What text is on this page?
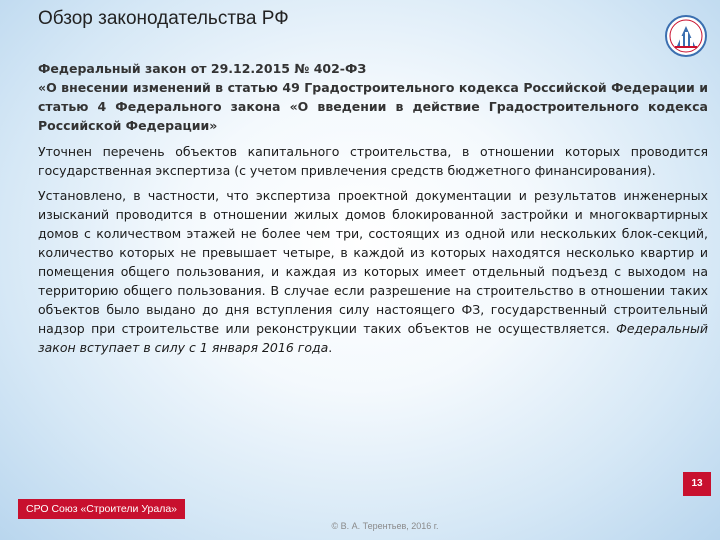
Обзор законодательства РФ

Федеральный закон от 29.12.2015 № 402-ФЗ
«О внесении изменений в статью 49 Градостроительного кодекса Российской Федерации и статью 4 Федерального закона «О введении в действие Градостроительного кодекса Российской Федерации»

Уточнен перечень объектов капитального строительства, в отношении которых проводится государственная экспертиза (с учетом привлечения средств бюджетного финансирования).

Установлено, в частности, что экспертиза проектной документации и результатов инженерных изысканий проводится в отношении жилых домов блокированной застройки и многоквартирных домов с количеством этажей не более чем три, состоящих из одной или нескольких блок-секций, количество которых не превышает четыре, в каждой из которых находятся несколько квартир и помещения общего пользования, и каждая из которых имеет отдельный подъезд с выходом на территорию общего пользования. В случае если разрешение на строительство в отношении таких объектов было выдано до дня вступления силу настоящего ФЗ, государственный строительный надзор при строительстве или реконструкции таких объектов не осуществляется. Федеральный закон вступает в силу с 1 января 2016 года.

13
СРО Союз «Строители Урала»
© В. А. Терентьев, 2016 г.
